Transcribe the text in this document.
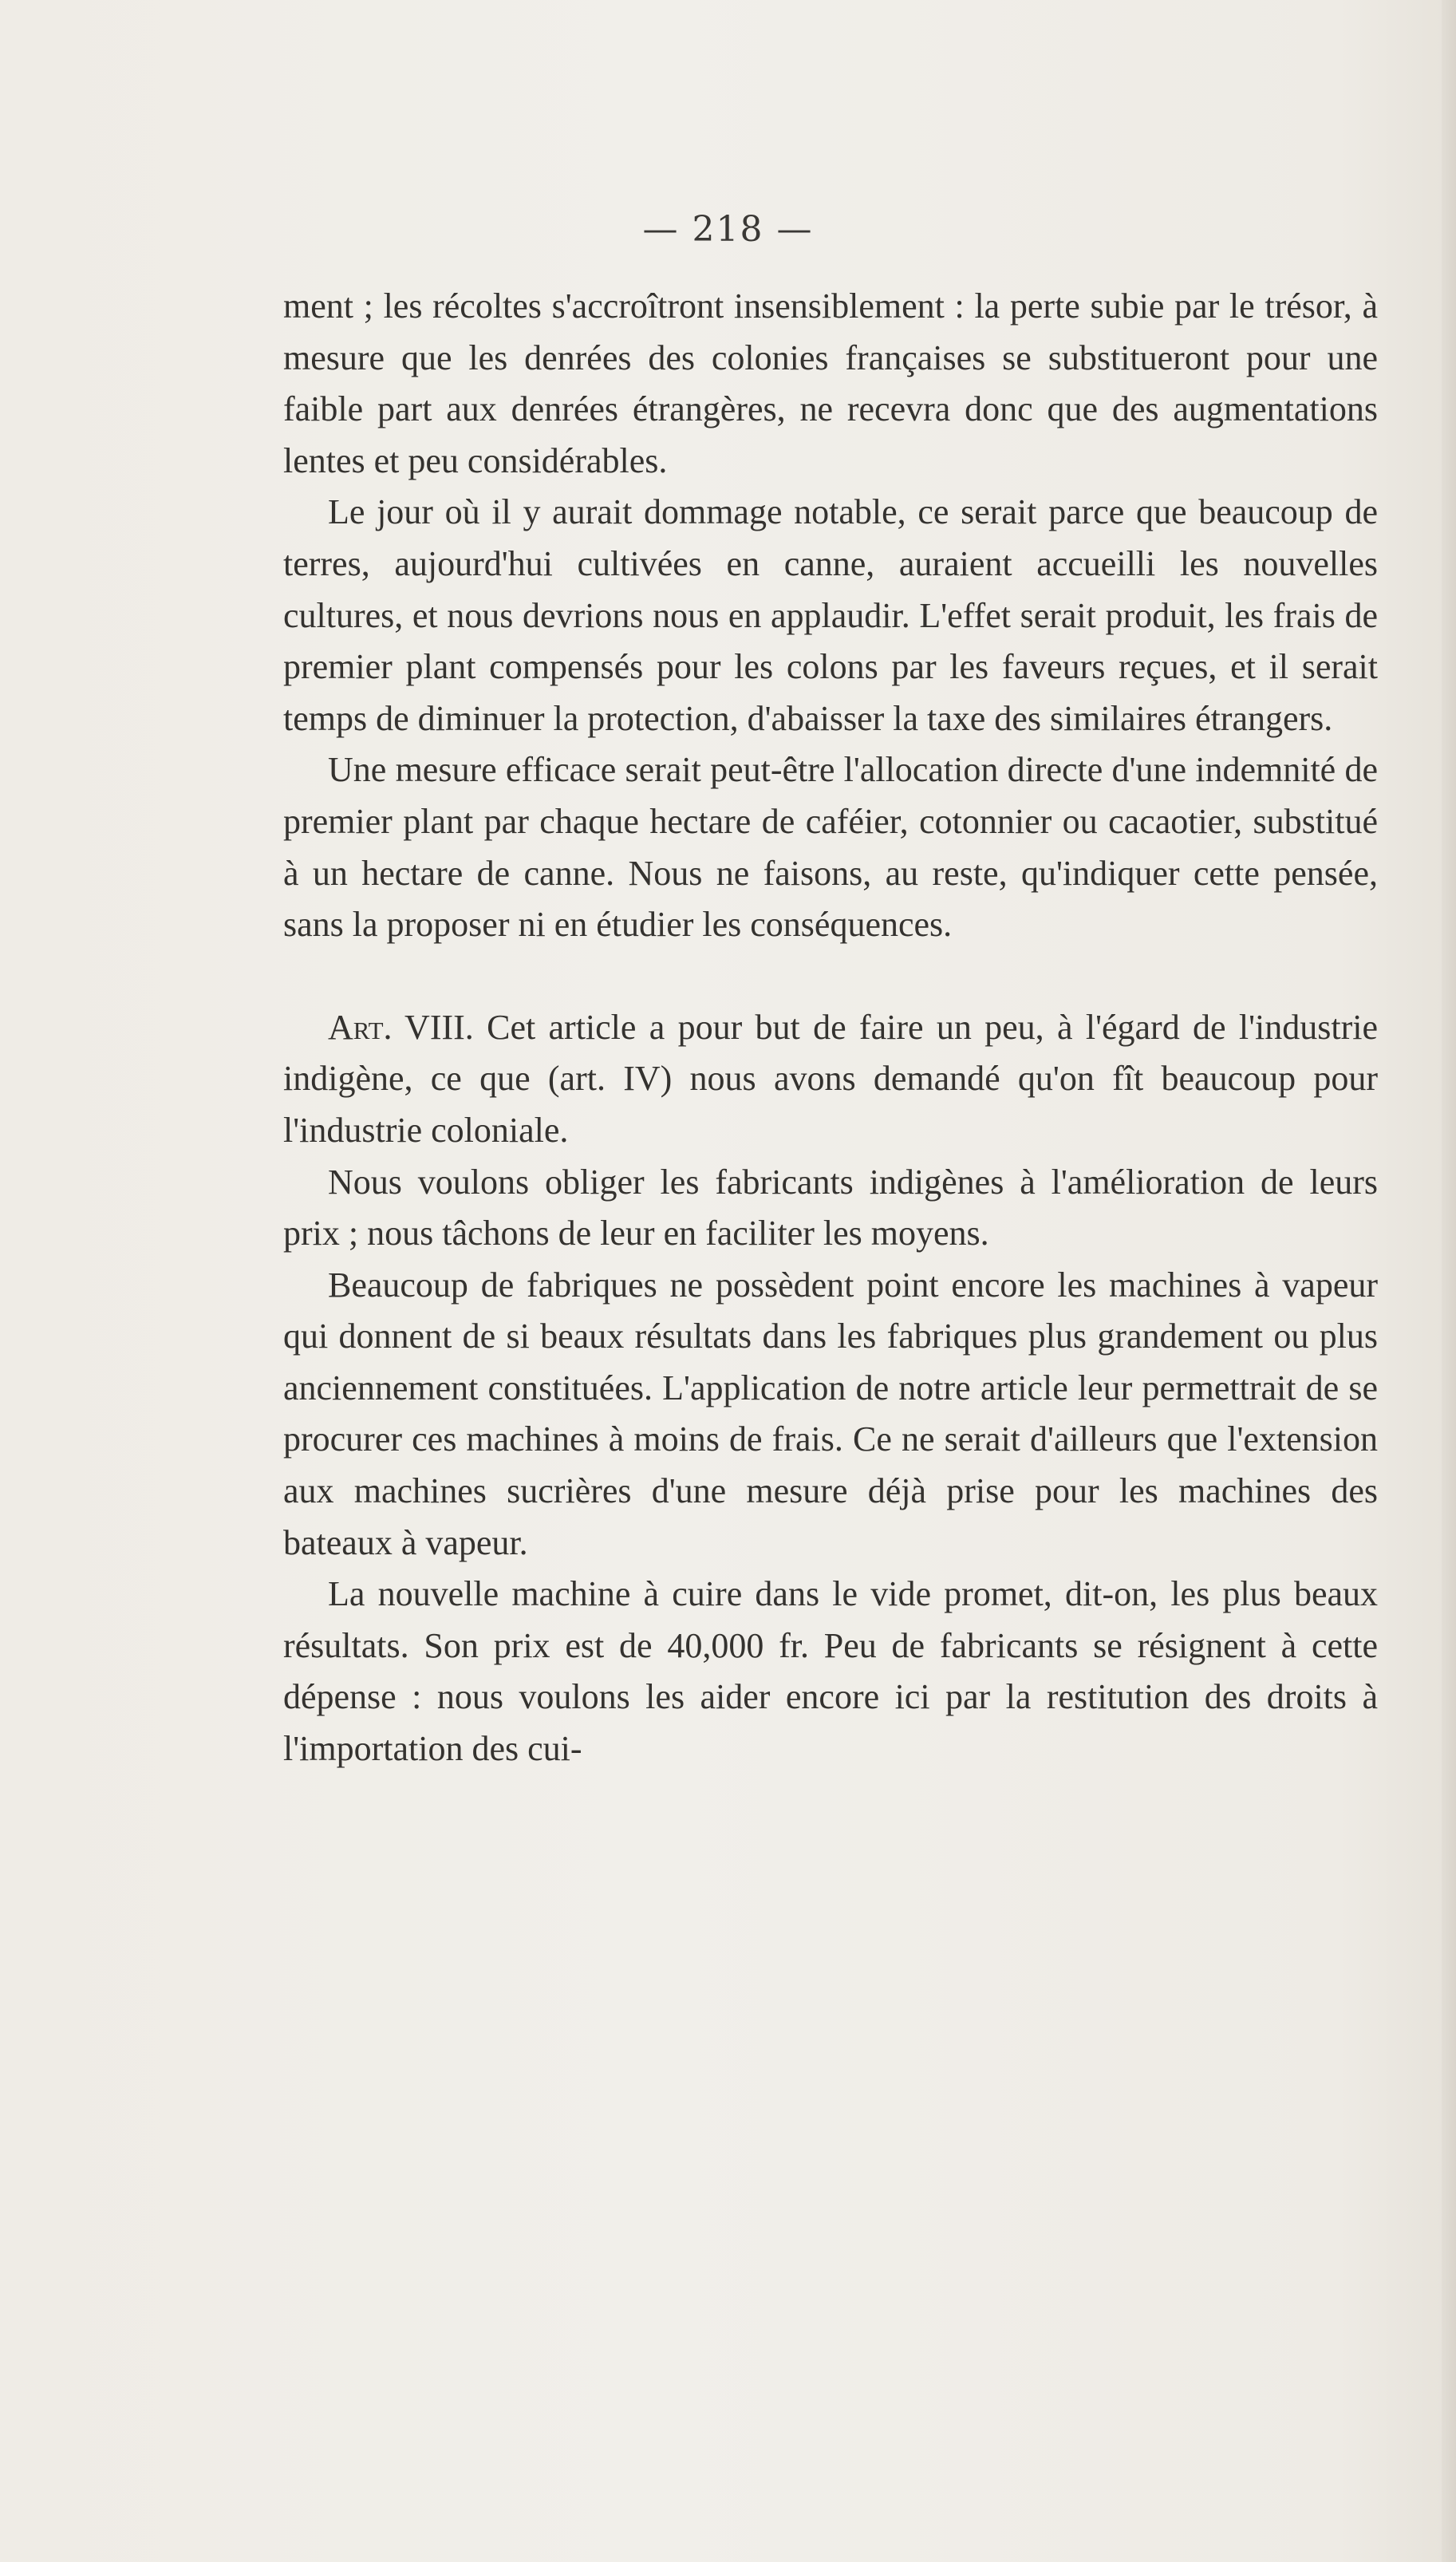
— 218 —

ment ; les récoltes s'accroîtront insensiblement : la perte subie par le trésor, à mesure que les denrées des colonies françaises se substitueront pour une faible part aux denrées étrangères, ne recevra donc que des augmentations lentes et peu considérables.

Le jour où il y aurait dommage notable, ce serait parce que beaucoup de terres, aujourd'hui cultivées en canne, auraient accueilli les nouvelles cultures, et nous devrions nous en applaudir. L'effet serait produit, les frais de premier plant compensés pour les colons par les faveurs reçues, et il serait temps de diminuer la protection, d'abaisser la taxe des similaires étrangers.

Une mesure efficace serait peut-être l'allocation directe d'une indemnité de premier plant par chaque hectare de caféier, cotonnier ou cacaotier, substitué à un hectare de canne. Nous ne faisons, au reste, qu'indiquer cette pensée, sans la proposer ni en étudier les conséquences.

Art. VIII. Cet article a pour but de faire un peu, à l'égard de l'industrie indigène, ce que (art. IV) nous avons demandé qu'on fît beaucoup pour l'industrie coloniale.

Nous voulons obliger les fabricants indigènes à l'amélioration de leurs prix ; nous tâchons de leur en faciliter les moyens.

Beaucoup de fabriques ne possèdent point encore les machines à vapeur qui donnent de si beaux résultats dans les fabriques plus grandement ou plus anciennement constituées. L'application de notre article leur permettrait de se procurer ces machines à moins de frais. Ce ne serait d'ailleurs que l'extension aux machines sucrières d'une mesure déjà prise pour les machines des bateaux à vapeur.

La nouvelle machine à cuire dans le vide promet, dit-on, les plus beaux résultats. Son prix est de 40,000 fr. Peu de fabricants se résignent à cette dépense : nous voulons les aider encore ici par la restitution des droits à l'importation des cui-
